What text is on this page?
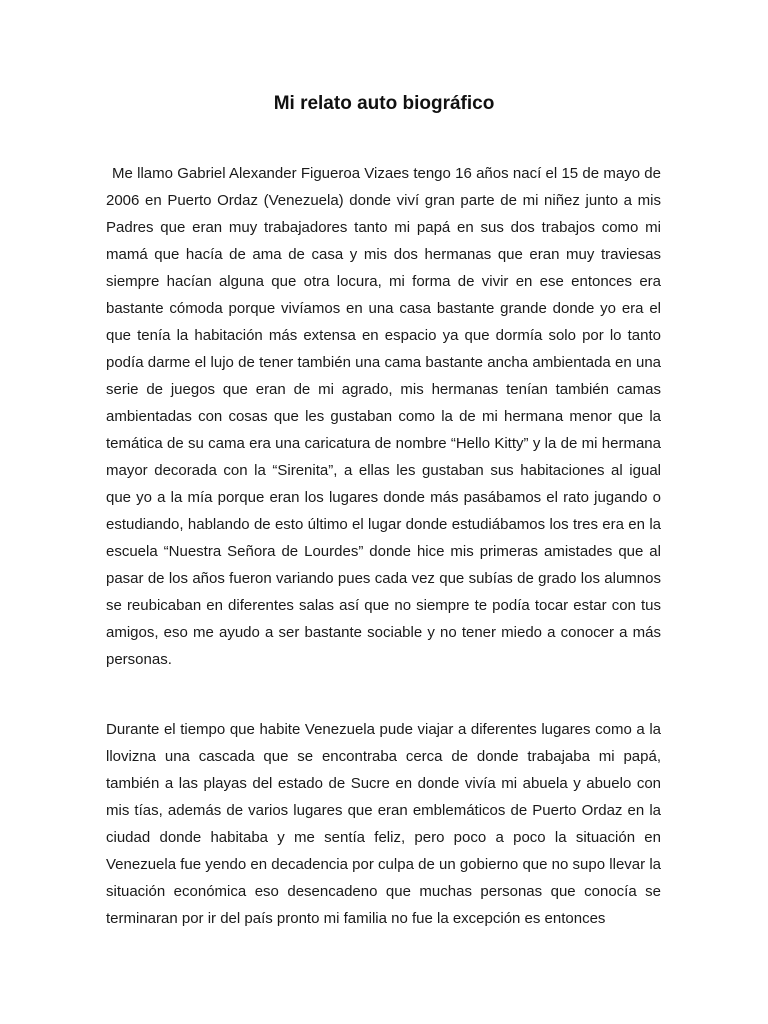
Mi relato auto biográfico

Me llamo Gabriel Alexander Figueroa Vizaes tengo 16 años nací el 15 de mayo de 2006 en Puerto Ordaz (Venezuela) donde viví gran parte de mi niñez junto a mis Padres que eran muy trabajadores tanto mi papá en sus dos trabajos como mi mamá que hacía de ama de casa y mis dos hermanas que eran muy traviesas siempre hacían alguna que otra locura, mi forma de vivir en ese entonces era bastante cómoda porque vivíamos en una casa bastante grande donde yo era el que tenía la habitación más extensa en espacio ya que dormía solo por lo tanto podía darme el lujo de tener también una cama bastante ancha ambientada en una serie de juegos que eran de mi agrado, mis hermanas tenían también camas ambientadas con cosas que les gustaban como la de mi hermana menor que la temática de su cama era una caricatura de nombre “Hello Kitty” y la de mi hermana mayor decorada con la “Sirenita”, a ellas les gustaban sus habitaciones al igual que yo a la mía porque eran los lugares donde más pasábamos el rato jugando o estudiando, hablando de esto último el lugar donde estudiábamos los tres era en la escuela “Nuestra Señora de Lourdes” donde hice mis primeras amistades que al pasar de los años fueron variando pues cada vez que subías de grado los alumnos se reubicaban en diferentes salas así que no siempre te podía tocar estar con tus amigos, eso me ayudo a ser bastante sociable y no tener miedo a conocer a más personas.

Durante el tiempo que habite Venezuela pude viajar a diferentes lugares como a la llovizna una cascada que se encontraba cerca de donde trabajaba mi papá, también a las playas del estado de Sucre en donde vivía mi abuela y abuelo con mis tías, además de varios lugares que eran emblemáticos de Puerto Ordaz en la ciudad donde habitaba y me sentía feliz, pero poco a poco la situación en Venezuela fue yendo en decadencia por culpa de un gobierno que no supo llevar la situación económica eso desencadeno que muchas personas que conocía se terminaran por ir del país pronto mi familia no fue la excepción es entonces
